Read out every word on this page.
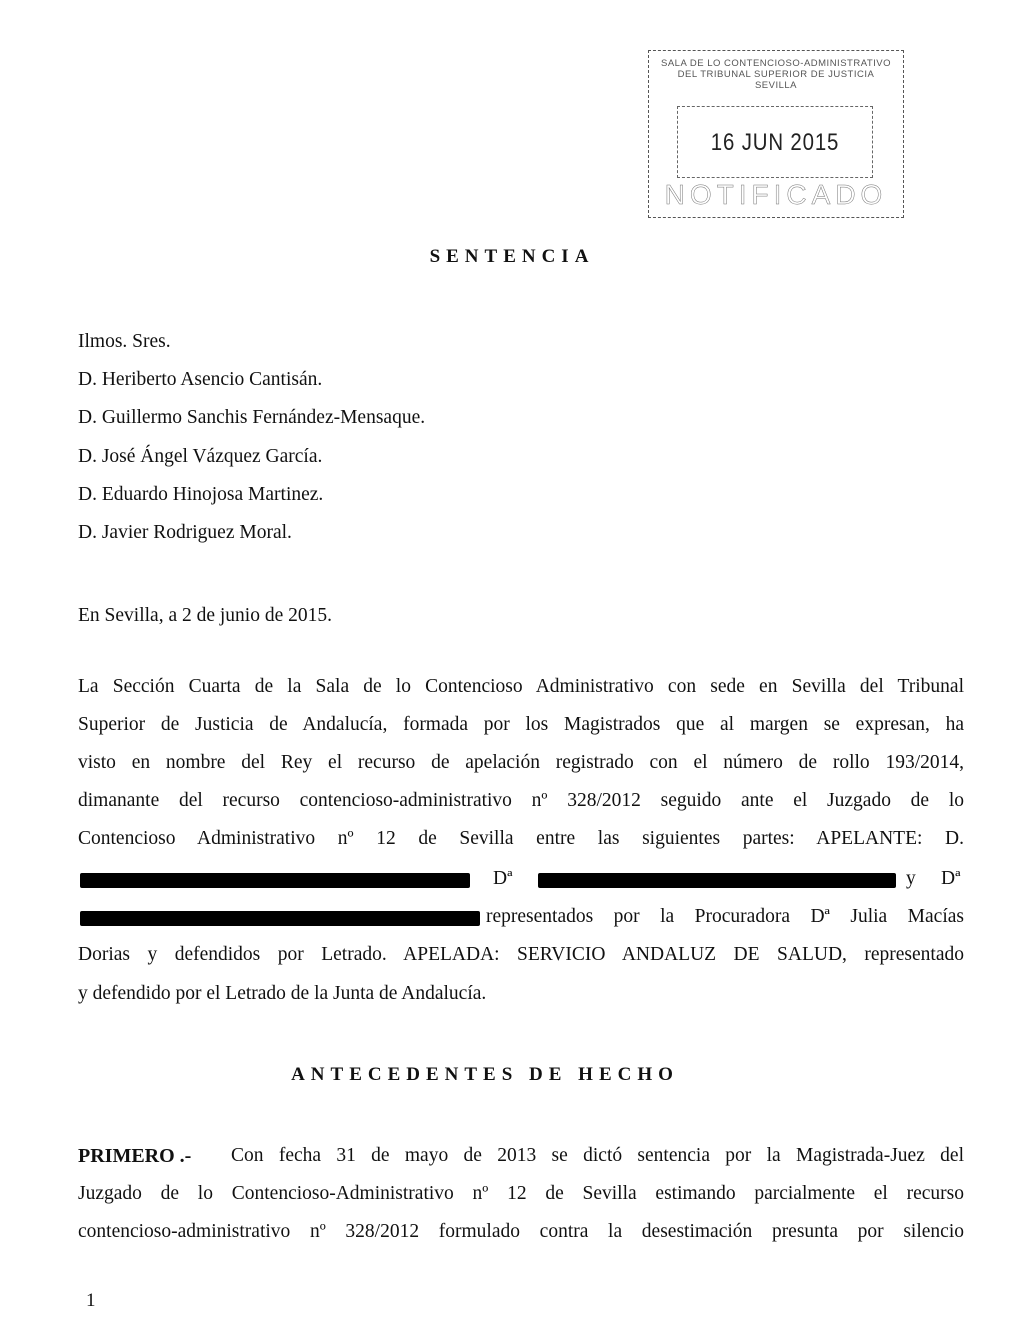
SALA DE LO CONTENCIOSO-ADMINISTRATIVO
DEL TRIBUNAL SUPERIOR DE JUSTICIA
SEVILLA
16 JUN 2015
NOTIFICADO
SENTENCIA
Ilmos. Sres.
D. Heriberto Asencio Cantisán.
D. Guillermo Sanchis Fernández-Mensaque.
D. José Ángel Vázquez García.
D. Eduardo Hinojosa Martinez.
D. Javier Rodriguez Moral.
En Sevilla, a 2 de junio de 2015.
La Sección Cuarta de la Sala de lo Contencioso Administrativo con sede en Sevilla del Tribunal
Superior de Justicia de Andalucía, formada por los Magistrados que al margen se expresan, ha
visto en nombre del Rey el recurso de apelación registrado con el número de rollo 193/2014,
dimanante del recurso contencioso-administrativo nº 328/2012 seguido ante el Juzgado de lo
Contencioso Administrativo nº 12 de Sevilla entre las siguientes partes: APELANTE: D.
Dª	y Dª
representados por la Procuradora Dª Julia Macías
Dorias y defendidos por Letrado. APELADA: SERVICIO ANDALUZ DE SALUD, representado
y defendido por el Letrado de la Junta de Andalucía.
ANTECEDENTES DE HECHO
PRIMERO .- Con fecha 31 de mayo de 2013 se dictó sentencia por la Magistrada-Juez del
Juzgado de lo Contencioso-Administrativo nº 12 de Sevilla estimando parcialmente el recurso
contencioso-administrativo nº 328/2012 formulado contra la desestimación presunta por silencio
1
